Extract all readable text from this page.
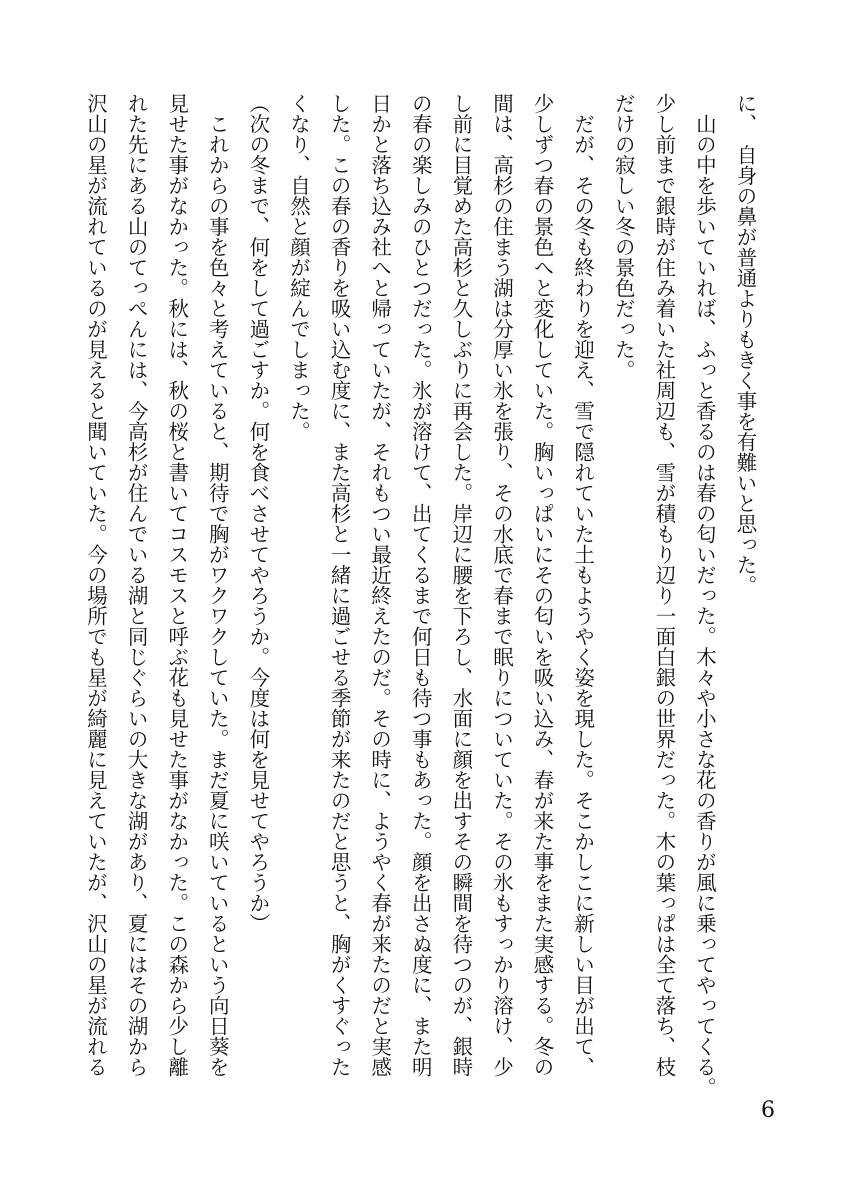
に、　自身の鼻が普通よりもきく事を有難いと思った。
　山の中を歩いていれば、ふっと香るのは春の匂いだった。木々や小さな花の香りが風に乗ってやってくる。
少し前まで銀時が住み着いた社周辺も、雪が積もり辺り一面白銀の世界だった。木の葉っぱは全て落ち、枝
だけの寂しい冬の景色だった。
　だが、その冬も終わりを迎え、雪で隠れていた土もようやく姿を現した。そこかしこに新しい目が出て、
少しずつ春の景色へと変化していた。胸いっぱいにその匂いを吸い込み、春が来た事をまた実感する。冬の
間は、高杉の住まう湖は分厚い氷を張り、その水底で春まで眠りについていた。その氷もすっかり溶け、少
し前に目覚めた高杉と久しぶりに再会した。岸辺に腰を下ろし、水面に顔を出すその瞬間を待つのが、銀時
の春の楽しみのひとつだった。氷が溶けて、出てくるまで何日も待つ事もあった。顔を出さぬ度に、また明
日かと落ち込み社へと帰っていたが、それもつい最近終えたのだ。その時に、ようやく春が来たのだと実感
した。この春の香りを吸い込む度に、また高杉と一緒に過ごせる季節が来たのだと思うと、胸がくすぐった
くなり、自然と顔が綻んでしまった。
（次の冬まで、何をして過ごすか。何を食べさせてやろうか。今度は何を見せてやろうか）
　これからの事を色々と考えていると、期待で胸がワクワクしていた。まだ夏に咲いているという向日葵を
見せた事がなかった。秋には、秋の桜と書いてコスモスと呼ぶ花も見せた事がなかった。この森から少し離
れた先にある山のてっぺんには、今高杉が住んでいる湖と同じぐらいの大きな湖があり、夏にはその湖から
沢山の星が流れているのが見えると聞いていた。今の場所でも星が綺麗に見えていたが、沢山の星が流れる
6
